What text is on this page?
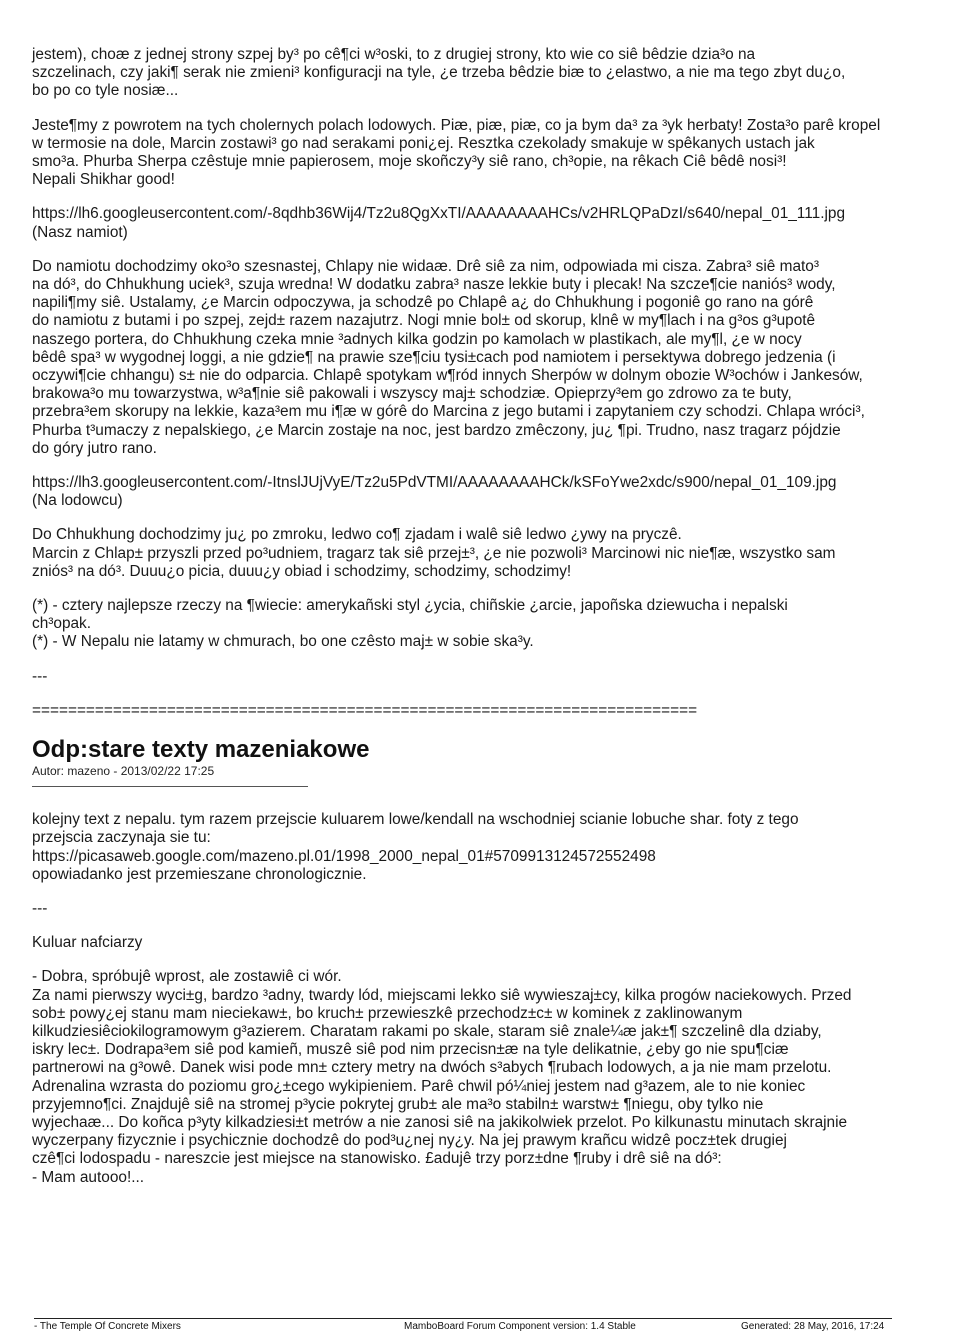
jestem), choæ z jednej strony szpej by³ po cê¶ci w³oski, to z drugiej strony, kto wie co siê bêdzie dzia³o na
szczelinach, czy jaki¶ serak nie zmieni³ konfiguracji na tyle, ¿e trzeba bêdzie biæ to ¿elastwo, a nie ma tego zbyt du¿o,
bo po co tyle nosiæ...

Jeste¶my z powrotem na tych cholernych polach lodowych. Piæ, piæ, piæ, co ja bym da³ za ³yk herbaty! Zosta³o parê kropel
w termosie na dole, Marcin zostawi³ go nad serakami poni¿ej. Resztka czekolady smakuje w spêkanych ustach jak
smo³a. Phurba Sherpa czêstuje mnie papierosem, moje skoñczy³y siê rano, ch³opie, na rêkach Ciê bêdê nosi³!
Nepali Shikhar good!

https://lh6.googleusercontent.com/-8qdhb36Wij4/Tz2u8QgXxTI/AAAAAAAAHCs/v2HRLQPaDzI/s640/nepal_01_111.jpg
(Nasz namiot)

Do namiotu dochodzimy oko³o szesnastej, Chlapy nie widaæ. Drê siê za nim, odpowiada mi cisza. Zabra³ siê mato³
na dó³, do Chhukhung uciek³, szuja wredna! W dodatku zabra³ nasze lekkie buty i plecak! Na szcze¶cie naniós³ wody,
napili¶my siê. Ustalamy, ¿e Marcin odpoczywa, ja schodzê po Chlapê a¿ do Chhukhung i pogoniê go rano na górê
do namiotu z butami i po szpej, zejd± razem nazajutrz. Nogi mnie bol± od skorup, klnê w my¶lach i na g³os g³upotê
naszego portera, do Chhukhung czeka mnie ³adnych kilka godzin po kamolach w plastikach, ale my¶l, ¿e w nocy
bêdê spa³ w wygodnej loggi, a nie gdzie¶ na prawie sze¶ciu tysi±cach pod namiotem i persektywa dobrego jedzenia (i
oczywi¶cie chhangu) s± nie do odparcia. Chlapê spotykam w¶ród innych Sherpów w dolnym obozie W³ochów i Jankesów,
brakowa³o mu towarzystwa, w³a¶nie siê pakowali i wszyscy maj± schodziæ. Opieprzy³em go zdrowo za te buty,
przebra³em skorupy na lekkie, kaza³em mu i¶æ w górê do Marcina z jego butami i zapytaniem czy schodzi. Chlapa wróci³,
Phurba t³umaczy z nepalskiego, ¿e Marcin zostaje na noc, jest bardzo zmêczony, ju¿ ¶pi. Trudno, nasz tragarz pójdzie
do góry jutro rano.

https://lh3.googleusercontent.com/-ItnslJUjVyE/Tz2u5PdVTMI/AAAAAAAAHCk/kSFoYwe2xdc/s900/nepal_01_109.jpg
(Na lodowcu)

Do Chhukhung dochodzimy ju¿ po zmroku, ledwo co¶ zjadam i walê siê ledwo ¿ywy na pryczê.
Marcin z Chlap± przyszli przed po³udniem, tragarz tak siê przej±³, ¿e nie pozwoli³ Marcinowi nic nie¶æ, wszystko sam
zniós³ na dó³. Duuu¿o picia, duuu¿y obiad i schodzimy, schodzimy, schodzimy!

(*) - cztery najlepsze rzeczy na ¶wiecie: amerykañski styl ¿ycia, chiñskie ¿arcie, japoñska dziewucha i nepalski
ch³opak.
(*) - W Nepalu nie latamy w chmurach, bo one czêsto maj± w sobie ska³y.

---

==========================================================================

Odp:stare texty mazeniakowe

Autor: mazeno - 2013/02/22 17:25

kolejny text z nepalu. tym razem przejscie kuluarem lowe/kendall na wschodniej scianie lobuche shar. foty z tego
przejscia zaczynaja sie tu:
https://picasaweb.google.com/mazeno.pl.01/1998_2000_nepal_01#5709913124572552498
opowiadanko jest przemieszane chronologicznie.

---

Kuluar nafciarzy

- Dobra, spróbujê wprost, ale zostawiê ci wór.
Za nami pierwszy wyci±g, bardzo ³adny, twardy lód, miejscami lekko siê wywieszaj±cy, kilka progów naciekowych. Przed
sob± powy¿ej stanu mam nieciekaw±, bo kruch± przewieszkê przechodz±c± w kominek z zaklinowanym
kilkudziesiêciokilogramowym g³azierem. Charatam rakami po skale, staram siê znale¼æ jak±¶ szczelinê dla dziaby,
iskry lec±. Dodrapa³em siê pod kamieñ, muszê siê pod nim przecisn±æ na tyle delikatnie, ¿eby go nie spu¶ciæ
partnerowi na g³owê. Danek wisi pode mn± cztery metry na dwóch s³abych ¶rubach lodowych, a ja nie mam przelotu.
Adrenalina wzrasta do poziomu gro¿±cego wykipieniem. Parê chwil pó¼niej jestem nad g³azem, ale to nie koniec
przyjemno¶ci. Znajdujê siê na stromej p³ycie pokrytej grub± ale ma³o stabiln± warstw± ¶niegu, oby tylko nie
wyjechaæ... Do koñca p³yty kilkadziesi±t metrów a nie zanosi siê na jakikolwiek przelot. Po kilkunastu minutach skrajnie
wyczerpany fizycznie i psychicznie dochodzê do pod³u¿nej ny¿y. Na jej prawym krañcu widzê pocz±tek drugiej
czê¶ci lodospadu - nareszcie jest miejsce na stanowisko. £adujê trzy porz±dne ¶ruby i drê siê na dó³:
- Mam autooo!...

- The Temple Of Concrete Mixers	MamboBoard Forum Component version: 1.4 Stable	Generated: 28 May, 2016, 17:24
